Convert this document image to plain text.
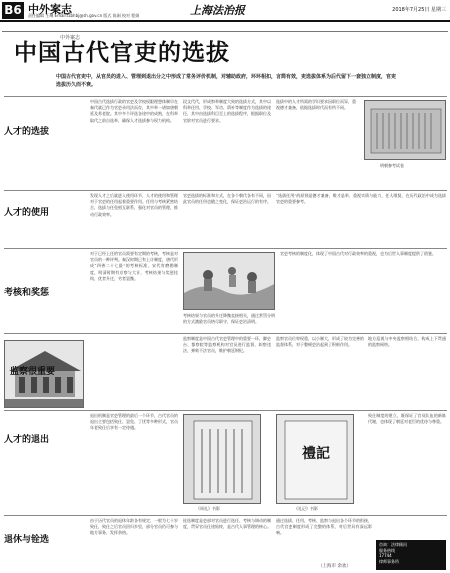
B6 中外案志
责任编辑 王琳 Email:fzbhbj@sh.gov.cn 版式 陈刚 校对 程娟	上海法治报	2018年7月25日 星期三
中外案志
中国古代官吏的选拔
中国古代官吏中，从官员的进入、管理到退出分之中形成了常务评价机制，对辅助政府，环环相扣，言简有效，吏选拔体系为后代留下一套独立制度，官吏选拔历久而不衰。
人才的选拔
中国古代选拔行政的官吏及学校权限理想体制早在秦代就已作为官吏录用法而存，其中举一诸如唐朝延及养老院。其中多个评选各途中的成熟，在科举取代之前自选举，确保人才选拔参与权力机构。
段文代代，形成察举制度大致的选拔方式，其中以科举任用、学校、军功、荫补等制度作为选拔的途径，其中由选拔科目至上的选拔程序，根据职位及官阶对官员进行要求。
选拔中的人才所需的学识要求因职位而异，重视德才兼备，依据选拔时代而有所不同。
明朝参考试卷
人才的使用
发现人才之后就进入使用环节，人才的使用和管理对于官吏的任用起着重要作用。任用与考核紧密结合，选拔与任免相互联系，强化对官员的管理，推动行政效率。
官吏选拔的标准和方式，在各个朝代各有不同，因此官员的任用也随之变化，保证吏治运行的有序。
“选拔任用”的原则是德才兼备，唯才是举，重视实绩与能力，任人唯贤，在历代政治中成为选拔官吏的重要参考。
考核和奖惩
对于已经上任的官员需要有定期的考核，考核是对官员的一种评判。秦汉时期已有上计制度，唐代形成“四善二十七最”的考核标准，宋代有磨勘制度，明清时期有京察与大计，考核结果与奖惩挂钩，优者升迁，劣者罢黜。
考核结果与官员的升迁降黜直接相关，通过赏罚分明的方式激励官员恪尽职守，保证吏治清明。
官吏考核的制度化，体现了中国古代对行政效率的重视，也为后世人事制度提供了借鉴。
监察很重要
监察制度是中国古代官吏管理中的重要一环，御史台、都察院等监察机构对官员进行监督，纠察违法，弹劾不法官员，维护朝廷纲纪。
监察官员位卑权重，以小制大，形成了较为完善的监督体系，对于整顿吏治起到了积极作用。
地方巡视与中央监察相结合，构成上下贯通的监察网络。
人才的退出
退出机制是官吏管理的最后一个环节，古代官员的退出主要包括致仕、罢免、丁忧等多种形式，官员年老致仕后享有一定待遇。
《周礼》书影
禮記
《礼记》书影
致仕制度的建立，既保证了官员队伍的新陈代谢，也体现了朝廷对老臣的优待与尊重。
退休与铨选
由于历代官员的退休年龄各有规定，一般为七十岁致仕，致仕之后官员回归乡里，部分官员仍可参与地方事务，发挥余热。
铨选制度是吏部对官员进行选任、考核与调动的制度，贯穿官员仕途始终，是古代人事管理的核心。
通过选拔、任用、考核、监察与退出各个环节的衔接，古代官吏制度形成了完整的体系，对后世具有深远影响。
（上海市 余欢）
咨询：法律顾问
服务热线
17744
律师事务所
